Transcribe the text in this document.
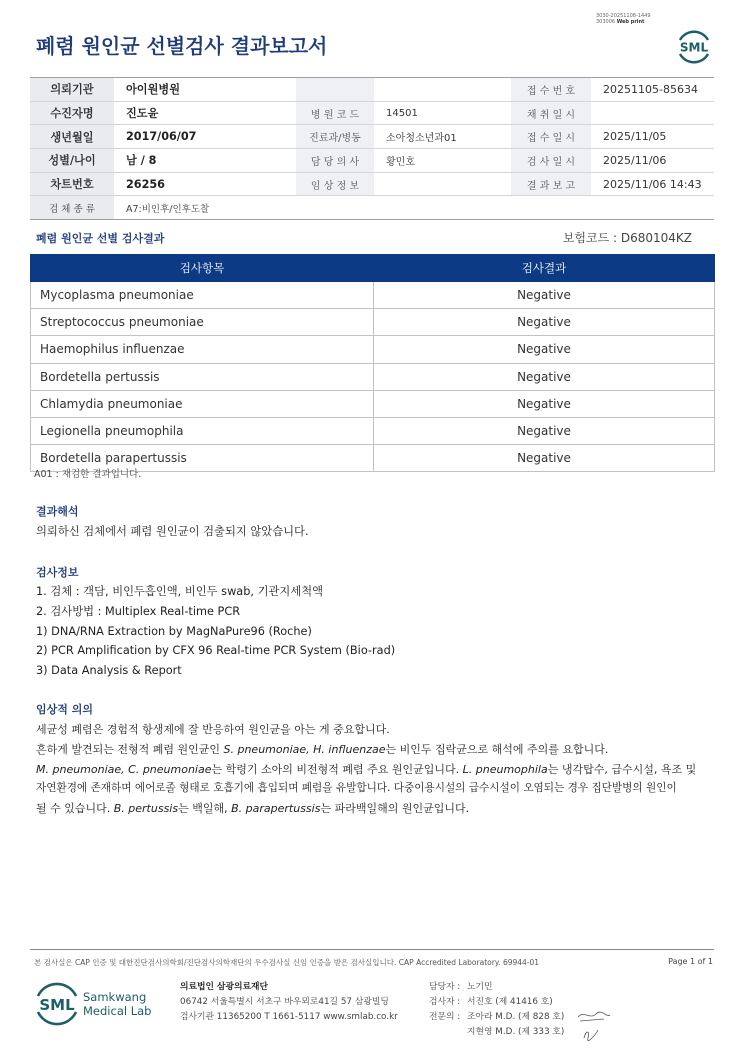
3030-20251108-1449
303006 Web print
폐렴 원인균 선별검사 결과보고서	SML
의뢰기관	아이원병원			접 수 번 호	20251105-85634
수진자명	진도윤	병 원 코 드	14501	채 취 일 시	
생년월일	2017/06/07	진료과/병동	소아청소년과01	접 수 일 시	2025/11/05
성별/나이	남 / 8	담 당 의 사	황민호	검 사 일 시	2025/11/06
차트번호	26256	임 상 정 보		결 과 보 고	2025/11/06 14:43
검 체 종 류	A7:비인후/인후도찰				
폐렴 원인균 선별 검사결과	보험코드 : D680104KZ
검사항목	검사결과
Mycoplasma pneumoniae	Negative
Streptococcus pneumoniae	Negative
Haemophilus influenzae	Negative
Bordetella pertussis	Negative
Chlamydia pneumoniae	Negative
Legionella pneumophila	Negative
Bordetella parapertussis	Negative
A01 : 재검한 결과입니다.
결과해석
의뢰하신 검체에서 폐렴 원인균이 검출되지 않았습니다.
검사정보
1. 검체 : 객담, 비인두흡인액, 비인두 swab, 기관지세척액
2. 검사방법 : Multiplex Real-time PCR
1) DNA/RNA Extraction by MagNaPure96 (Roche)
2) PCR Amplification by CFX 96 Real-time PCR System (Bio-rad)
3) Data Analysis & Report
임상적 의의
세균성 폐렴은 경험적 항생제에 잘 반응하여 원인균을 아는 게 중요합니다.
흔하게 발견되는 전형적 폐렴 원인균인 S. pneumoniae, H. influenzae는 비인두 집락균으로 해석에 주의를 요합니다.
M. pneumoniae, C. pneumoniae는 학령기 소아의 비전형적 폐렴 주요 원인균입니다. L. pneumophila는 냉각탑수, 급수시설, 욕조 및
자연환경에 존재하며 에어로졸 형태로 호흡기에 흡입되며 폐렴을 유발합니다. 다중이용시설의 급수시설이 오염되는 경우 집단발병의 원인이
될 수 있습니다. B. pertussis는 백일해, B. parapertussis는 파라백일해의 원인균입니다.
본 검사실은 CAP 인증 및 대한진단검사의학회/진단검사의학재단의 우수검사실 신임 인증을 받은 검사실입니다. CAP Accredited Laboratory. 69944-01	Page 1 of 1
SML Samkwang
Medical Lab
의료법인 삼광의료재단
06742 서울특별시 서초구 바우뫼로41길 57 삼광빌딩
검사기관 11365200 T 1661-5117 www.smlab.co.kr
담당자 : 노기민
검사자 : 서진호 (제 41416 호)
전문의 : 조아라 M.D. (제 828 호)
지현영 M.D. (제 333 호)
